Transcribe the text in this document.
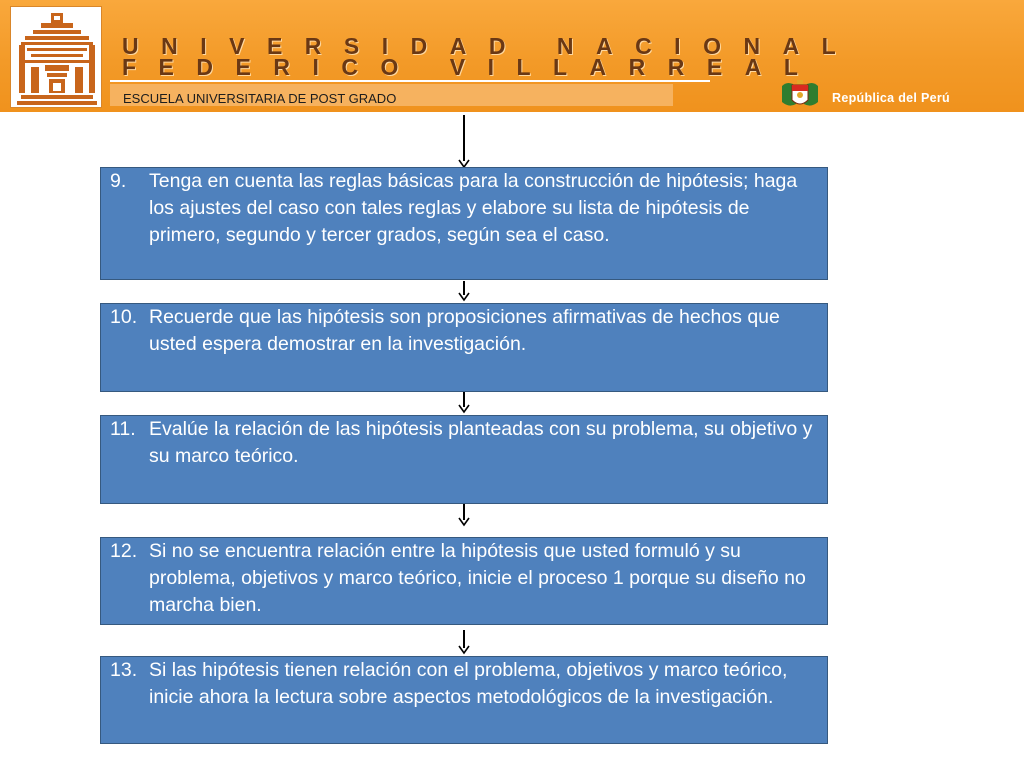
UNIVERSIDAD NACIONAL
FEDERICO VILLARREAL
ESCUELA UNIVERSITARIA DE POST GRADO	República del Perú
9. Tenga en cuenta las reglas básicas para la construcción de hipótesis; haga los ajustes del caso con tales reglas y elabore su lista de hipótesis de primero, segundo y tercer grados, según sea el caso.
10. Recuerde que las hipótesis son proposiciones afirmativas de hechos que usted espera demostrar en la investigación.
11. Evalúe la relación de las hipótesis planteadas con su problema, su objetivo y su marco teórico.
12. Si no se encuentra relación entre la hipótesis que usted formuló y su problema, objetivos y marco teórico, inicie el proceso 1 porque su diseño no marcha bien.
13. Si las hipótesis tienen relación con el problema, objetivos y marco teórico, inicie ahora la lectura sobre aspectos metodológicos de la investigación.
